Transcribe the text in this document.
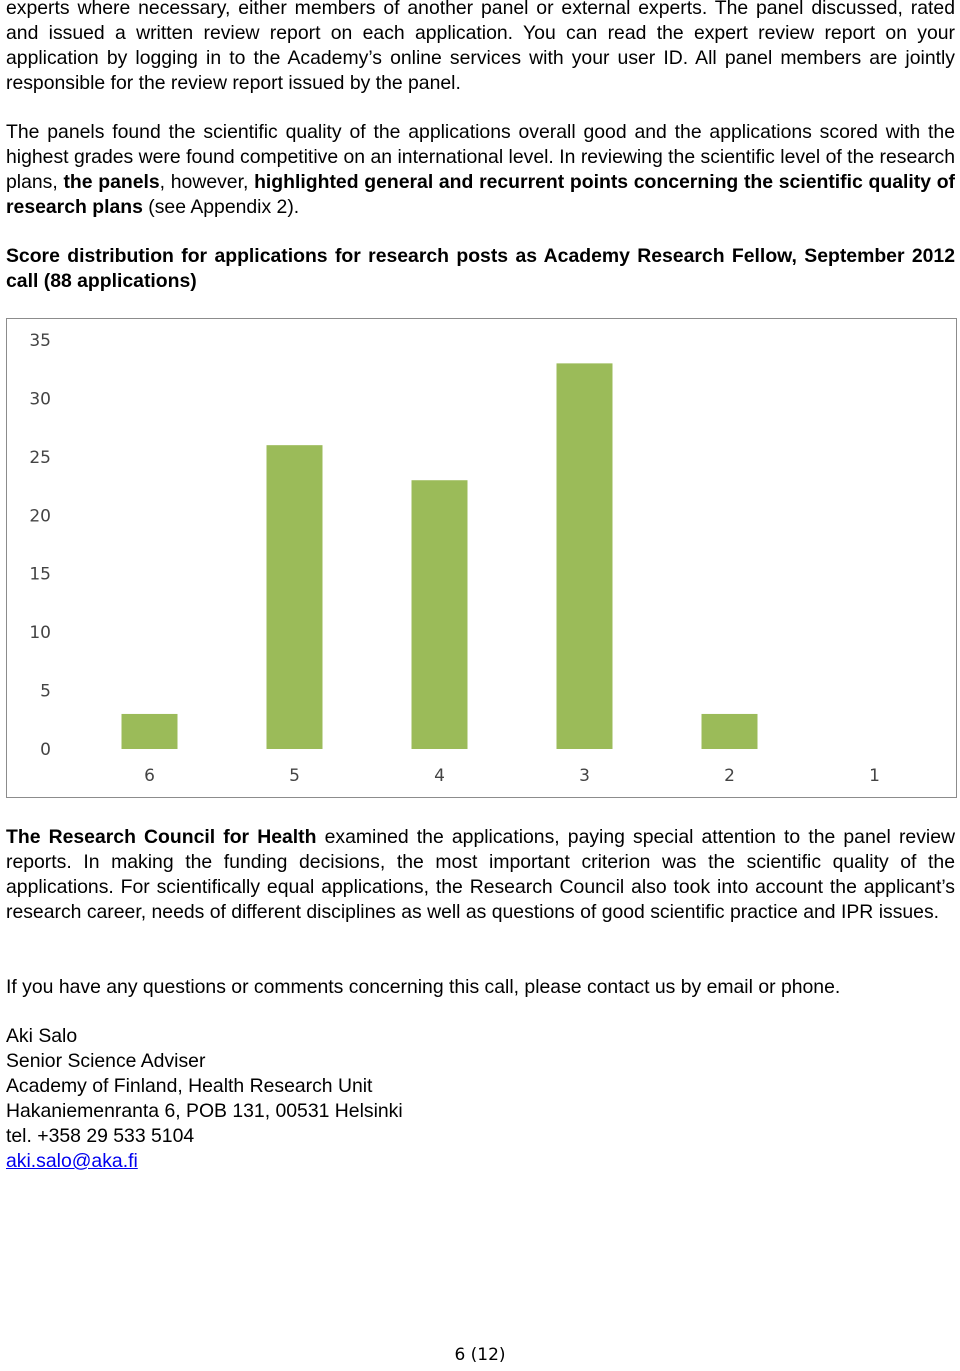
experts where necessary, either members of another panel or external experts. The panel discussed, rated and issued a written review report on each application. You can read the expert review report on your application by logging in to the Academy’s online services with your user ID. All panel members are jointly responsible for the review report issued by the panel.

The panels found the scientific quality of the applications overall good and the applications scored with the highest grades were found competitive on an international level. In reviewing the scientific level of the research plans, the panels, however, highlighted general and recurrent points concerning the scientific quality of research plans (see Appendix 2).

Score distribution for applications for research posts as Academy Research Fellow, September 2012 call (88 applications)

The Research Council for Health examined the applications, paying special attention to the panel review reports. In making the funding decisions, the most important criterion was the scientific quality of the applications. For scientifically equal applications, the Research Council also took into account the applicant’s research career, needs of different disciplines as well as questions of good scientific practice and IPR issues.

If you have any questions or comments concerning this call, please contact us by email or phone.

Aki Salo
Senior Science Adviser
Academy of Finland, Health Research Unit
Hakaniemenranta 6, POB 131, 00531 Helsinki
tel. +358 29 533 5104
aki.salo@aka.fi
0
5
10
15
20
25
30
35
6	5	4	3	2	1
6 (12)
